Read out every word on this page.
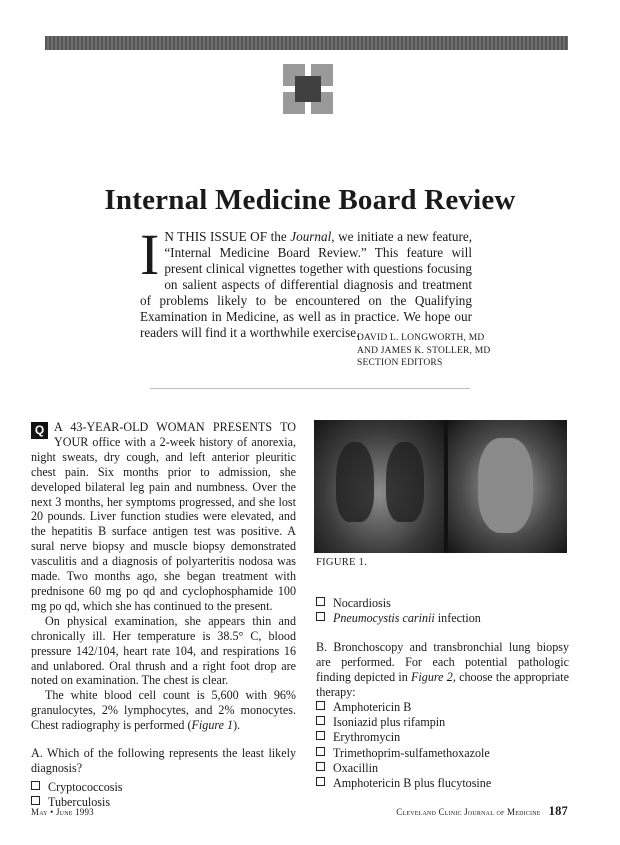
Internal Medicine Board Review
I N THIS ISSUE OF the Journal, we initiate a new feature, “Internal Medicine Board Review.” This feature will present clinical vignettes together with questions focusing on salient aspects of differential diagnosis and treatment of problems likely to be encountered on the Qualifying Examination in Medicine, as well as in practice. We hope our readers will find it a worthwhile exercise.
DAVID L. LONGWORTH, MD
AND JAMES K. STOLLER, MD
SECTION EDITORS

Q A 43-YEAR-OLD WOMAN PRESENTS TO YOUR office with a 2-week history of anorexia, night sweats, dry cough, and left anterior pleuritic chest pain. Six months prior to admission, she developed bilateral leg pain and numbness. Over the next 3 months, her symptoms progressed, and she lost 20 pounds. Liver function studies were elevated, and the hepatitis B surface antigen test was positive. A sural nerve biopsy and muscle biopsy demonstrated vasculitis and a diagnosis of polyarteritis nodosa was made. Two months ago, she began treatment with prednisone 60 mg po qd and cyclophosphamide 100 mg po qd, which she has continued to the present.

On physical examination, she appears thin and chronically ill. Her temperature is 38.5° C, blood pressure 142/104, heart rate 104, and respirations 16 and unlabored. Oral thrush and a right foot drop are noted on examination. The chest is clear.

The white blood cell count is 5,600 with 96% granulocytes, 2% lymphocytes, and 2% monocytes. Chest radiography is performed (Figure 1).

A. Which of the following represents the least likely diagnosis?

Cryptococcosis
Tuberculosis
FIGURE 1.
Nocardiosis
Pneumocystis carinii infection

B. Bronchoscopy and transbronchial lung biopsy are performed. For each potential pathologic finding depicted in Figure 2, choose the appropriate therapy:

Amphotericin B
Isoniazid plus rifampin
Erythromycin
Trimethoprim-sulfamethoxazole
Oxacillin
Amphotericin B plus flucytosine
May • June 1993	Cleveland Clinic Journal of Medicine 187
